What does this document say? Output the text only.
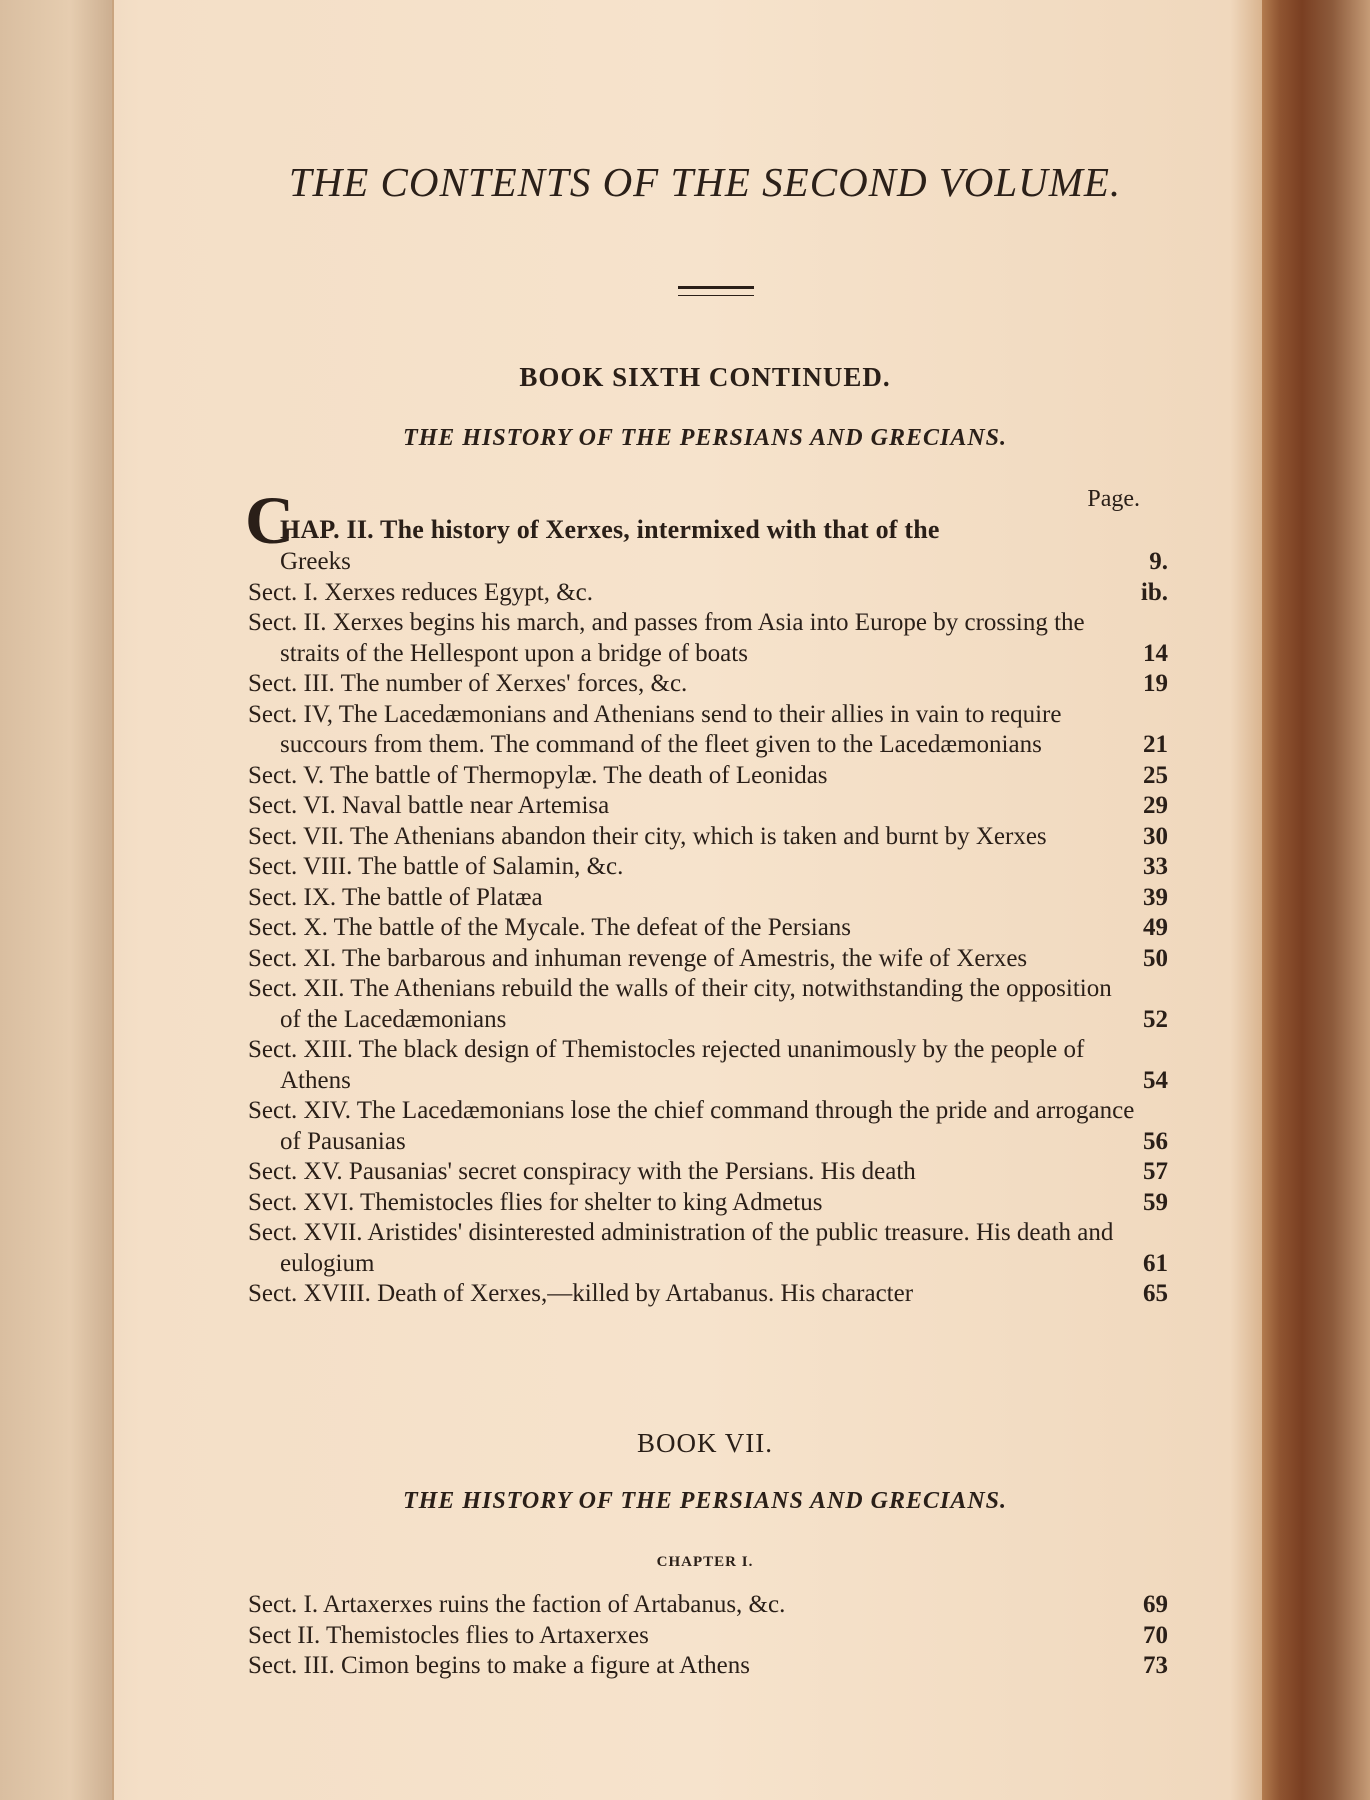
THE CONTENTS OF THE SECOND VOLUME.
BOOK SIXTH CONTINUED.
THE HISTORY OF THE PERSIANS AND GRECIANS.
Page.
C
HAP. II. The history of Xerxes, intermixed with that of the
Greeks	9.
Sect. I. Xerxes reduces Egypt, &c.	ib.
Sect. II. Xerxes begins his march, and passes from Asia into Europe by crossing the straits of the Hellespont upon a bridge of boats	14
Sect. III. The number of Xerxes' forces, &c.	19
Sect. IV, The Lacedæmonians and Athenians send to their allies in vain to require succours from them. The command of the fleet given to the Lacedæmonians	21
Sect. V. The battle of Thermopylæ. The death of Leonidas	25
Sect. VI. Naval battle near Artemisa	29
Sect. VII. The Athenians abandon their city, which is taken and burnt by Xerxes	30
Sect. VIII. The battle of Salamin, &c.	33
Sect. IX. The battle of Platæa	39
Sect. X. The battle of the Mycale. The defeat of the Persians	49
Sect. XI. The barbarous and inhuman revenge of Amestris, the wife of Xerxes	50
Sect. XII. The Athenians rebuild the walls of their city, notwithstanding the opposition of the Lacedæmonians	52
Sect. XIII. The black design of Themistocles rejected unanimously by the people of Athens	54
Sect. XIV. The Lacedæmonians lose the chief command through the pride and arrogance of Pausanias	56
Sect. XV. Pausanias' secret conspiracy with the Persians. His death	57
Sect. XVI. Themistocles flies for shelter to king Admetus	59
Sect. XVII. Aristides' disinterested administration of the public treasure. His death and eulogium	61
Sect. XVIII. Death of Xerxes,—killed by Artabanus. His character	65
BOOK VII.
THE HISTORY OF THE PERSIANS AND GRECIANS.
CHAPTER I.
Sect. I. Artaxerxes ruins the faction of Artabanus, &c.	69
Sect II. Themistocles flies to Artaxerxes	70
Sect. III. Cimon begins to make a figure at Athens	73
